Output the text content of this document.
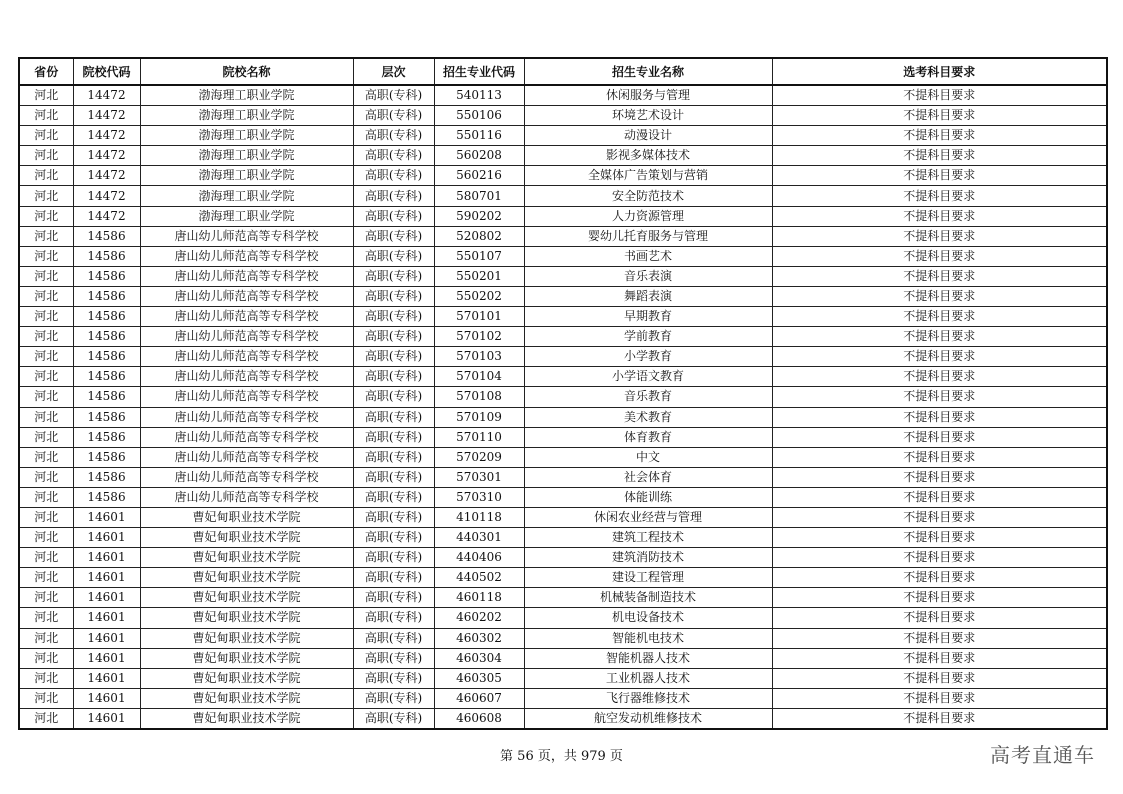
省份	院校代码	院校名称	层次	招生专业代码	招生专业名称	选考科目要求
河北	14472	渤海理工职业学院	高职(专科)	540113	休闲服务与管理	不提科目要求
河北	14472	渤海理工职业学院	高职(专科)	550106	环境艺术设计	不提科目要求
河北	14472	渤海理工职业学院	高职(专科)	550116	动漫设计	不提科目要求
河北	14472	渤海理工职业学院	高职(专科)	560208	影视多媒体技术	不提科目要求
河北	14472	渤海理工职业学院	高职(专科)	560216	全媒体广告策划与营销	不提科目要求
河北	14472	渤海理工职业学院	高职(专科)	580701	安全防范技术	不提科目要求
河北	14472	渤海理工职业学院	高职(专科)	590202	人力资源管理	不提科目要求
河北	14586	唐山幼儿师范高等专科学校	高职(专科)	520802	婴幼儿托育服务与管理	不提科目要求
河北	14586	唐山幼儿师范高等专科学校	高职(专科)	550107	书画艺术	不提科目要求
河北	14586	唐山幼儿师范高等专科学校	高职(专科)	550201	音乐表演	不提科目要求
河北	14586	唐山幼儿师范高等专科学校	高职(专科)	550202	舞蹈表演	不提科目要求
河北	14586	唐山幼儿师范高等专科学校	高职(专科)	570101	早期教育	不提科目要求
河北	14586	唐山幼儿师范高等专科学校	高职(专科)	570102	学前教育	不提科目要求
河北	14586	唐山幼儿师范高等专科学校	高职(专科)	570103	小学教育	不提科目要求
河北	14586	唐山幼儿师范高等专科学校	高职(专科)	570104	小学语文教育	不提科目要求
河北	14586	唐山幼儿师范高等专科学校	高职(专科)	570108	音乐教育	不提科目要求
河北	14586	唐山幼儿师范高等专科学校	高职(专科)	570109	美术教育	不提科目要求
河北	14586	唐山幼儿师范高等专科学校	高职(专科)	570110	体育教育	不提科目要求
河北	14586	唐山幼儿师范高等专科学校	高职(专科)	570209	中文	不提科目要求
河北	14586	唐山幼儿师范高等专科学校	高职(专科)	570301	社会体育	不提科目要求
河北	14586	唐山幼儿师范高等专科学校	高职(专科)	570310	体能训练	不提科目要求
河北	14601	曹妃甸职业技术学院	高职(专科)	410118	休闲农业经营与管理	不提科目要求
河北	14601	曹妃甸职业技术学院	高职(专科)	440301	建筑工程技术	不提科目要求
河北	14601	曹妃甸职业技术学院	高职(专科)	440406	建筑消防技术	不提科目要求
河北	14601	曹妃甸职业技术学院	高职(专科)	440502	建设工程管理	不提科目要求
河北	14601	曹妃甸职业技术学院	高职(专科)	460118	机械装备制造技术	不提科目要求
河北	14601	曹妃甸职业技术学院	高职(专科)	460202	机电设备技术	不提科目要求
河北	14601	曹妃甸职业技术学院	高职(专科)	460302	智能机电技术	不提科目要求
河北	14601	曹妃甸职业技术学院	高职(专科)	460304	智能机器人技术	不提科目要求
河北	14601	曹妃甸职业技术学院	高职(专科)	460305	工业机器人技术	不提科目要求
河北	14601	曹妃甸职业技术学院	高职(专科)	460607	飞行器维修技术	不提科目要求
河北	14601	曹妃甸职业技术学院	高职(专科)	460608	航空发动机维修技术	不提科目要求
第 56 页，共 979 页	高考直通车
